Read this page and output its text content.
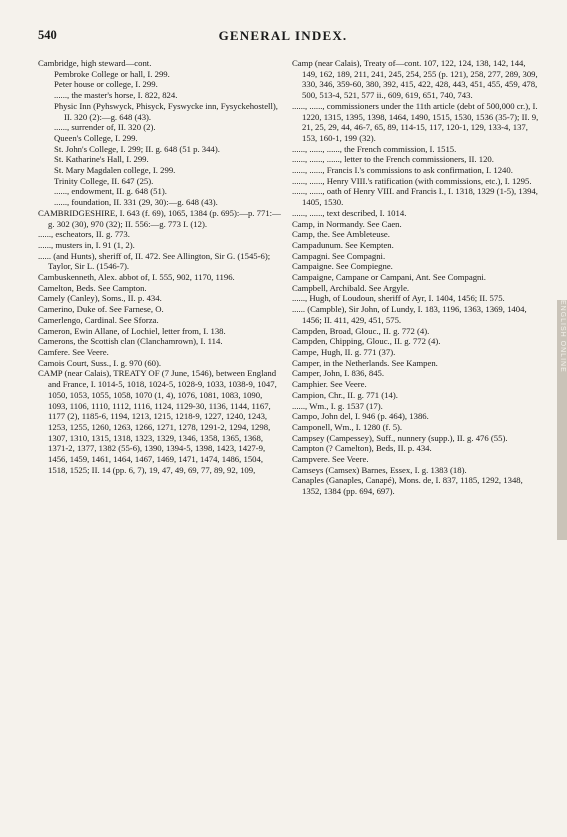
540	GENERAL INDEX.
Cambridge, high steward—cont.
Pembroke College or hall, I. 299.
Peter house or college, I. 299.
......, the master's horse, I. 822, 824.
Physic Inn (Pyhswyck, Phisyck, Fyswycke inn, Fysyckehostell), II. 320 (2):—g. 648 (43).
......, surrender of, II. 320 (2).
Queen's College, I. 299.
St. John's College, I. 299; II. g. 648 (51 p. 344).
St. Katharine's Hall, I. 299.
St. Mary Magdalen college, I. 299.
Trinity College, II. 647 (25).
......, endowment, II. g. 648 (51).
......, foundation, II. 331 (29, 30):—g. 648 (43).
CAMBRIDGESHIRE, I. 643 (f. 69), 1065, 1384 (p. 695):—p. 771:—g. 302 (30), 970 (32); II. 556:—g. 773 I. (12).
......, escheators, II. g. 773.
......, musters in, I. 91 (1, 2).
...... (and Hunts), sheriff of, II. 472. See Allington, Sir G. (1545-6); Taylor, Sir L. (1546-7).
Cambuskenneth, Alex. abbot of, I. 555, 902, 1170, 1196.
Camelton, Beds. See Campton.
Camely (Canley), Soms., II. p. 434.
Camerino, Duke of. See Farnese, O.
Camerlengo, Cardinal. See Sforza.
Cameron, Ewin Allane, of Lochiel, letter from, I. 138.
Camerons, the Scottish clan (Clanchamrown), I. 114.
Camfere. See Veere.
Camois Court, Suss., I. g. 970 (60).
CAMP (near Calais), TREATY OF (7 June, 1546), between England and France, I. 1014-5, 1018, 1024-5, 1028-9, 1033, 1038-9, 1047, 1050, 1053, 1055, 1058, 1070 (1, 4), 1076, 1081, 1083, 1090, 1093, 1106, 1110, 1112, 1116, 1124, 1129-30, 1136, 1144, 1167, 1177 (2), 1185-6, 1194, 1213, 1215, 1218-9, 1227, 1240, 1243, 1253, 1255, 1260, 1263, 1266, 1271, 1278, 1291-2, 1294, 1298, 1307, 1310, 1315, 1318, 1323, 1329, 1346, 1358, 1365, 1368, 1371-2, 1377, 1382 (55-6), 1390, 1394-5, 1398, 1423, 1427-9, 1456, 1459, 1461, 1464, 1467, 1469, 1471, 1474, 1486, 1504, 1518, 1525; II. 14 (pp. 6, 7), 19, 47, 49, 69, 77, 89, 92, 109,
Camp (near Calais), Treaty of—cont. 107, 122, 124, 138, 142, 144, 149, 162, 189, 211, 241, 245, 254, 255 (p. 121), 258, 277, 289, 309, 330, 346, 359-60, 380, 392, 415, 422, 428, 443, 451, 455, 459, 478, 500, 513-4, 521, 577 ii., 609, 619, 651, 740, 743.
......, ......, commissioners under the 11th article (debt of 500,000 cr.), I. 1220, 1315, 1395, 1398, 1464, 1490, 1515, 1530, 1536 (35-7); II. 9, 21, 25, 29, 44, 46-7, 65, 89, 114-15, 117, 120-1, 129, 133-4, 137, 153, 160-1, 199 (32).
......, ......, ......, the French commission, I. 1515.
......, ......, ......, letter to the French commissioners, II. 120.
......, ......, Francis I.'s commissions to ask confirmation, I. 1240.
......, ......, Henry VIII.'s ratification (with commissions, etc.), I. 1295.
......, ......, oath of Henry VIII. and Francis I., I. 1318, 1329 (1-5), 1394, 1405, 1530.
......, ......, text described, I. 1014.
Camp, in Normandy. See Caen.
Camp, the. See Ambleteuse.
Campadunum. See Kempten.
Campagni. See Compagni.
Campaigne. See Compiegne.
Campaigne, Campane or Campani, Ant. See Compagni.
Campbell, Archibald. See Argyle.
......, Hugh, of Loudoun, sheriff of Ayr, I. 1404, 1456; II. 575.
...... (Campble), Sir John, of Lundy, I. 183, 1196, 1363, 1369, 1404, 1456; II. 411, 429, 451, 575.
Campden, Broad, Glouc., II. g. 772 (4).
Campden, Chipping, Glouc., II. g. 772 (4).
Campe, Hugh, II. g. 771 (37).
Camper, in the Netherlands. See Kampen.
Camper, John, I. 836, 845.
Camphier. See Veere.
Campion, Chr., II. g. 771 (14).
......, Wm., I. g. 1537 (17).
Campo, John del, I. 946 (p. 464), 1386.
Camponell, Wm., I. 1280 (f. 5).
Campsey (Campessey), Suff., nunnery (supp.), II. g. 476 (55).
Campton (? Camelton), Beds, II. p. 434.
Campvere. See Veere.
Camseys (Camsex) Barnes, Essex, I. g. 1383 (18).
Canaples (Ganaples, Canapé), Mons. de, I. 837, 1185, 1292, 1348, 1352, 1384 (pp. 694, 697).
ENGLISH ONLINE
